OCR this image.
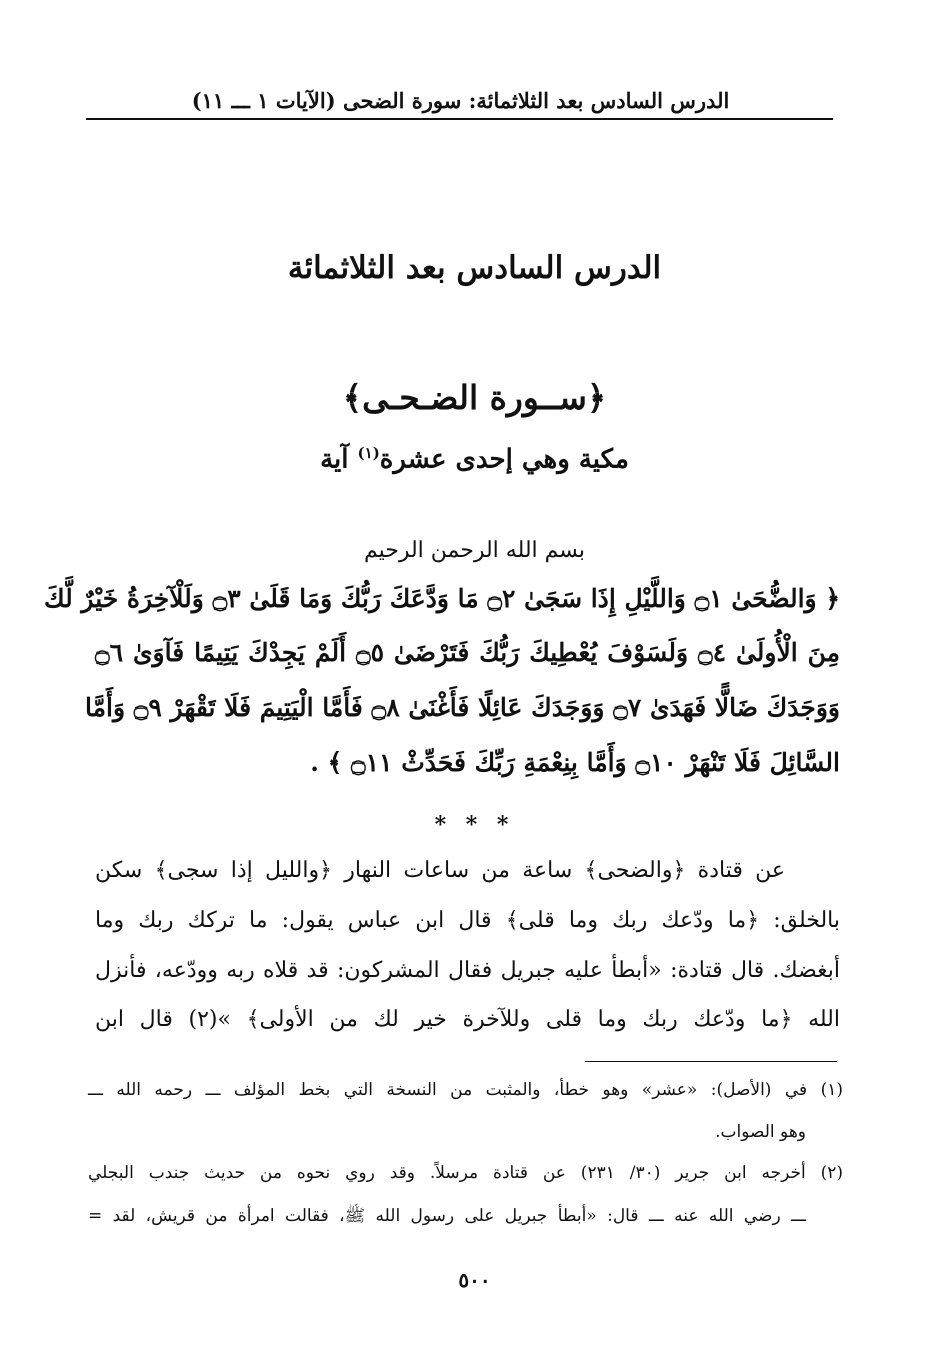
الدرس السادس بعد الثلاثمائة: سورة الضحى (الآيات ١ ـــ ١١)
الدرس السادس بعد الثلاثمائة
﴿ســورة الضـحـى﴾
مكية وهي إحدى عشرة$^{(١)}$ آية
بسم الله الرحمن الرحيم
﴿ وَالضُّحَىٰ ۝١ وَاللَّيْلِ إِذَا سَجَىٰ ۝٢ مَا وَدَّعَكَ رَبُّكَ وَمَا قَلَىٰ ۝٣ وَلَلْآخِرَةُ خَيْرٌ لَّكَ
مِنَ الْأُولَىٰ ۝٤ وَلَسَوْفَ يُعْطِيكَ رَبُّكَ فَتَرْضَىٰ ۝٥ أَلَمْ يَجِدْكَ يَتِيمًا فَآوَىٰ ۝٦
وَوَجَدَكَ ضَالًّا فَهَدَىٰ ۝٧ وَوَجَدَكَ عَائِلًا فَأَغْنَىٰ ۝٨ فَأَمَّا الْيَتِيمَ فَلَا تَقْهَرْ ۝٩ وَأَمَّا
السَّائِلَ فَلَا تَنْهَرْ ۝١٠ وَأَمَّا بِنِعْمَةِ رَبِّكَ فَحَدِّثْ ۝١١ ﴾ .
* * *
عن قتادة ﴿والضحى﴾ ساعة من ساعات النهار ﴿والليل إذا سجى﴾ سكن
بالخلق: ﴿ما ودّعك ربك وما قلى﴾ قال ابن عباس يقول: ما تركك ربك وما
أبغضك. قال قتادة: «أبطأ عليه جبريل فقال المشركون: قد قلاه ربه وودّعه، فأنزل
الله ﴿ما ودّعك ربك وما قلى وللآخرة خير لك من الأولى﴾ »(٢) قال ابن
(١) في (الأصل): «عشر» وهو خطأ، والمثبت من النسخة التي بخط المؤلف ـــ رحمه الله ـــ
وهو الصواب.
(٢) أخرجه ابن جرير (٣٠/ ٢٣١) عن قتادة مرسلاً. وقد روي نحوه من حديث جندب البجلي
ـــ رضي الله عنه ـــ قال: «أبطأ جبريل على رسول الله ﷺ، فقالت امرأة من قريش، لقد =
٥٠٠
